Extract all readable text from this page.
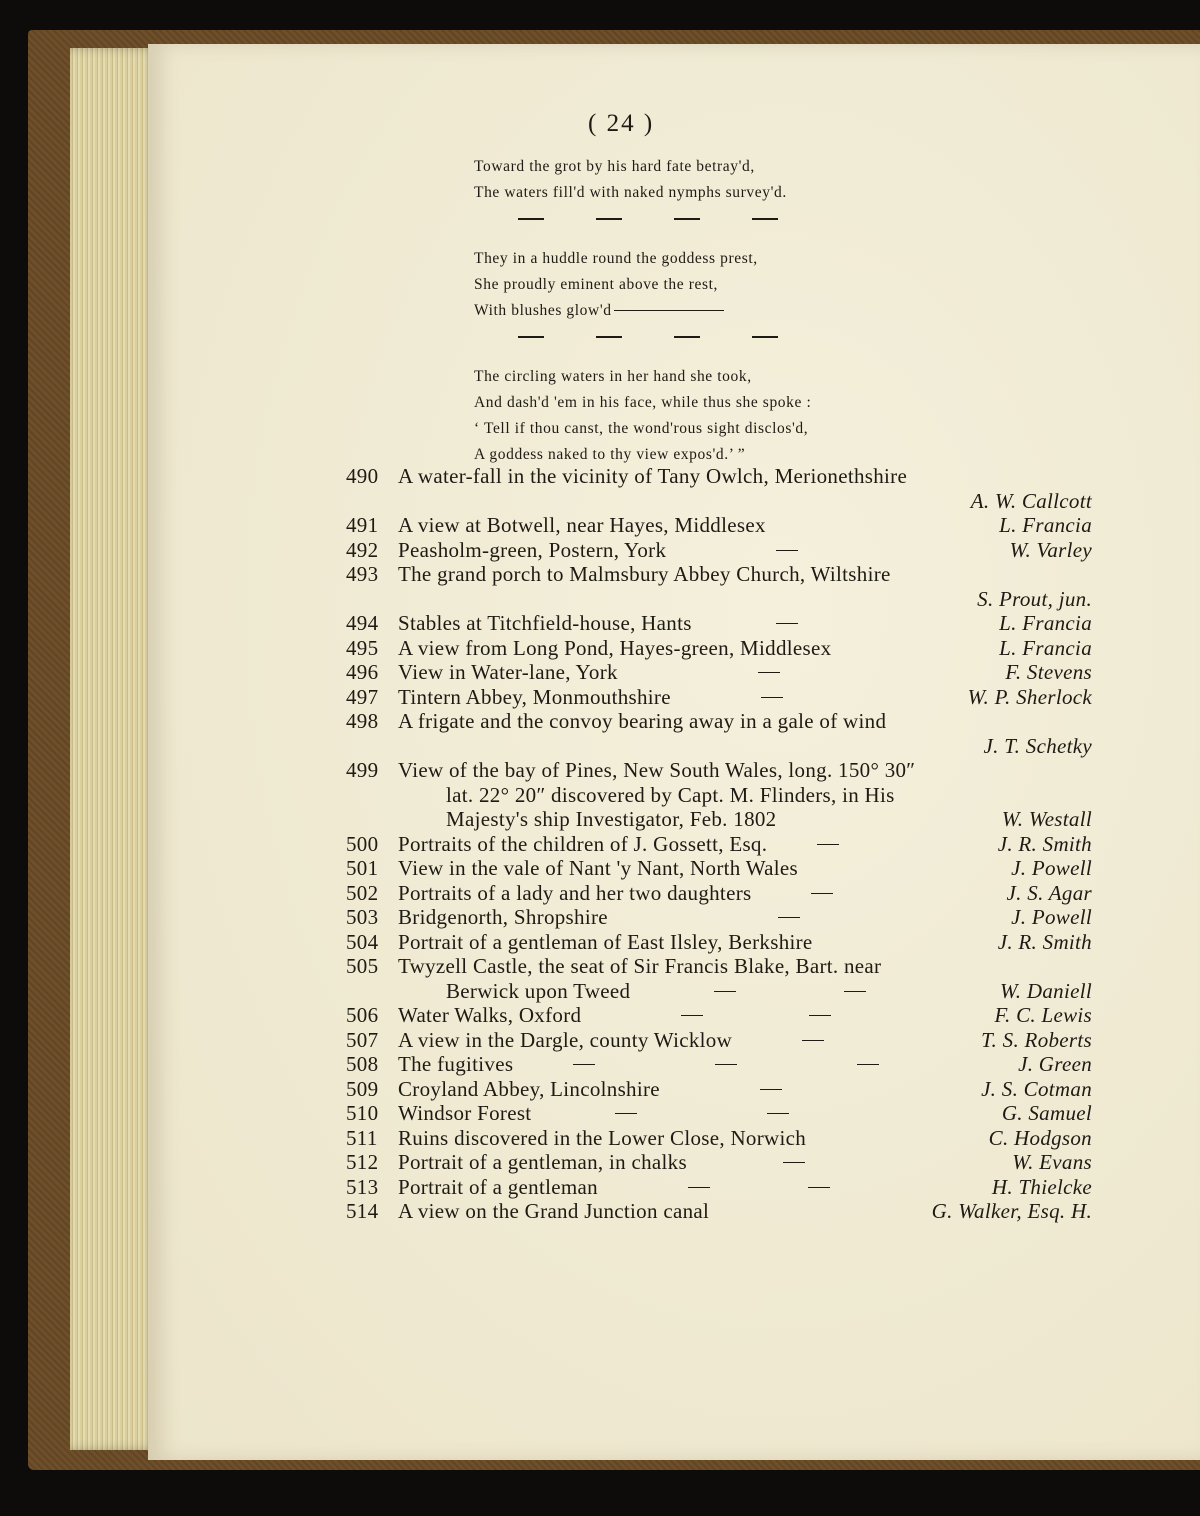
( 24 )
Toward the grot by his hard fate betray'd,
The waters fill'd with naked nymphs survey'd.
They in a huddle round the goddess prest,
She proudly eminent above the rest,
With blushes glow'd
The circling waters in her hand she took,
And dash'd 'em in his face, while thus she spoke :
‘ Tell if thou canst, the wond'rous sight disclos'd,
A goddess naked to thy view expos'd.’ ”
490 A water-fall in the vicinity of Tany Owlch, Merionethshire
A. W. Callcott
491 A view at Botwell, near Hayes, Middlesex	L. Francia
492 Peasholm-green, Postern, York	W. Varley
493 The grand porch to Malmsbury Abbey Church, Wiltshire
S. Prout, jun.
494 Stables at Titchfield-house, Hants	L. Francia
495 A view from Long Pond, Hayes-green, Middlesex	L. Francia
496 View in Water-lane, York	F. Stevens
497 Tintern Abbey, Monmouthshire	W. P. Sherlock
498 A frigate and the convoy bearing away in a gale of wind
J. T. Schetky
499 View of the bay of Pines, New South Wales, long. 150° 30″
lat. 22° 20″ discovered by Capt. M. Flinders, in His
Majesty's ship Investigator, Feb. 1802	W. Westall
500 Portraits of the children of J. Gossett, Esq.	J. R. Smith
501 View in the vale of Nant 'y Nant, North Wales	J. Powell
502 Portraits of a lady and her two daughters	J. S. Agar
503 Bridgenorth, Shropshire	J. Powell
504 Portrait of a gentleman of East Ilsley, Berkshire	J. R. Smith
505 Twyzell Castle, the seat of Sir Francis Blake, Bart. near
Berwick upon Tweed	W. Daniell
506 Water Walks, Oxford	F. C. Lewis
507 A view in the Dargle, county Wicklow	T. S. Roberts
508 The fugitives	J. Green
509 Croyland Abbey, Lincolnshire	J. S. Cotman
510 Windsor Forest	G. Samuel
511 Ruins discovered in the Lower Close, Norwich	C. Hodgson
512 Portrait of a gentleman, in chalks	W. Evans
513 Portrait of a gentleman	H. Thielcke
514 A view on the Grand Junction canal	G. Walker, Esq. H.
